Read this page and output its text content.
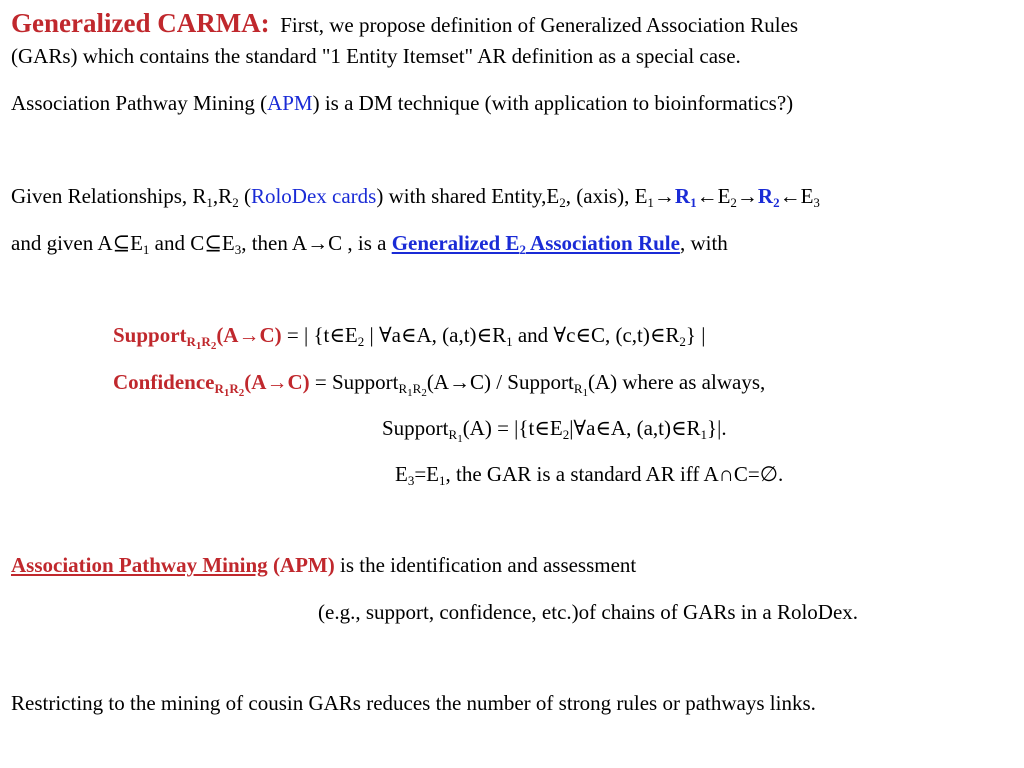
Generalized CARMA: First, we propose definition of Generalized Association Rules
(GARs) which contains the standard "1 Entity Itemset" AR definition as a special case.
Association Pathway Mining (APM) is a DM technique (with application to bioinformatics?)
Given Relationships, $R_1,R_2$ (RoloDex cards) with shared $Entity,E_2$, (axis), $E_1\to R_1\leftarrow E_2\to R_2\leftarrow E_3$
and given $A⊆E_1$ and $C⊆E_3$, then A→C , is a Generalized $E_2$ Association Rule, with
Support$_{R_1R_2}$(A→C) = | {$t\in E_2$ | ∀a∈A, $(a,t)\in R_1$ and ∀c∈C, $(c,t)\in R_2$} |
Confidence$_{R_1R_2}$(A→C) = Support$_{R_1R_2}$(A→C) / Support$_{R_1}$(A) where as always,
Support$_{R_1}$(A) = $|\{t\in E_2|\forall a\in A$, $(a,t)\in R_1\}|$.
$E_3=E_1$, the GAR is a standard AR iff A∩C=∅.
Association Pathway Mining (APM) is the identification and assessment
(e.g., support, confidence, etc.)of chains of GARs in a RoloDex.
Restricting to the mining of cousin GARs reduces the number of strong rules or pathways links.
